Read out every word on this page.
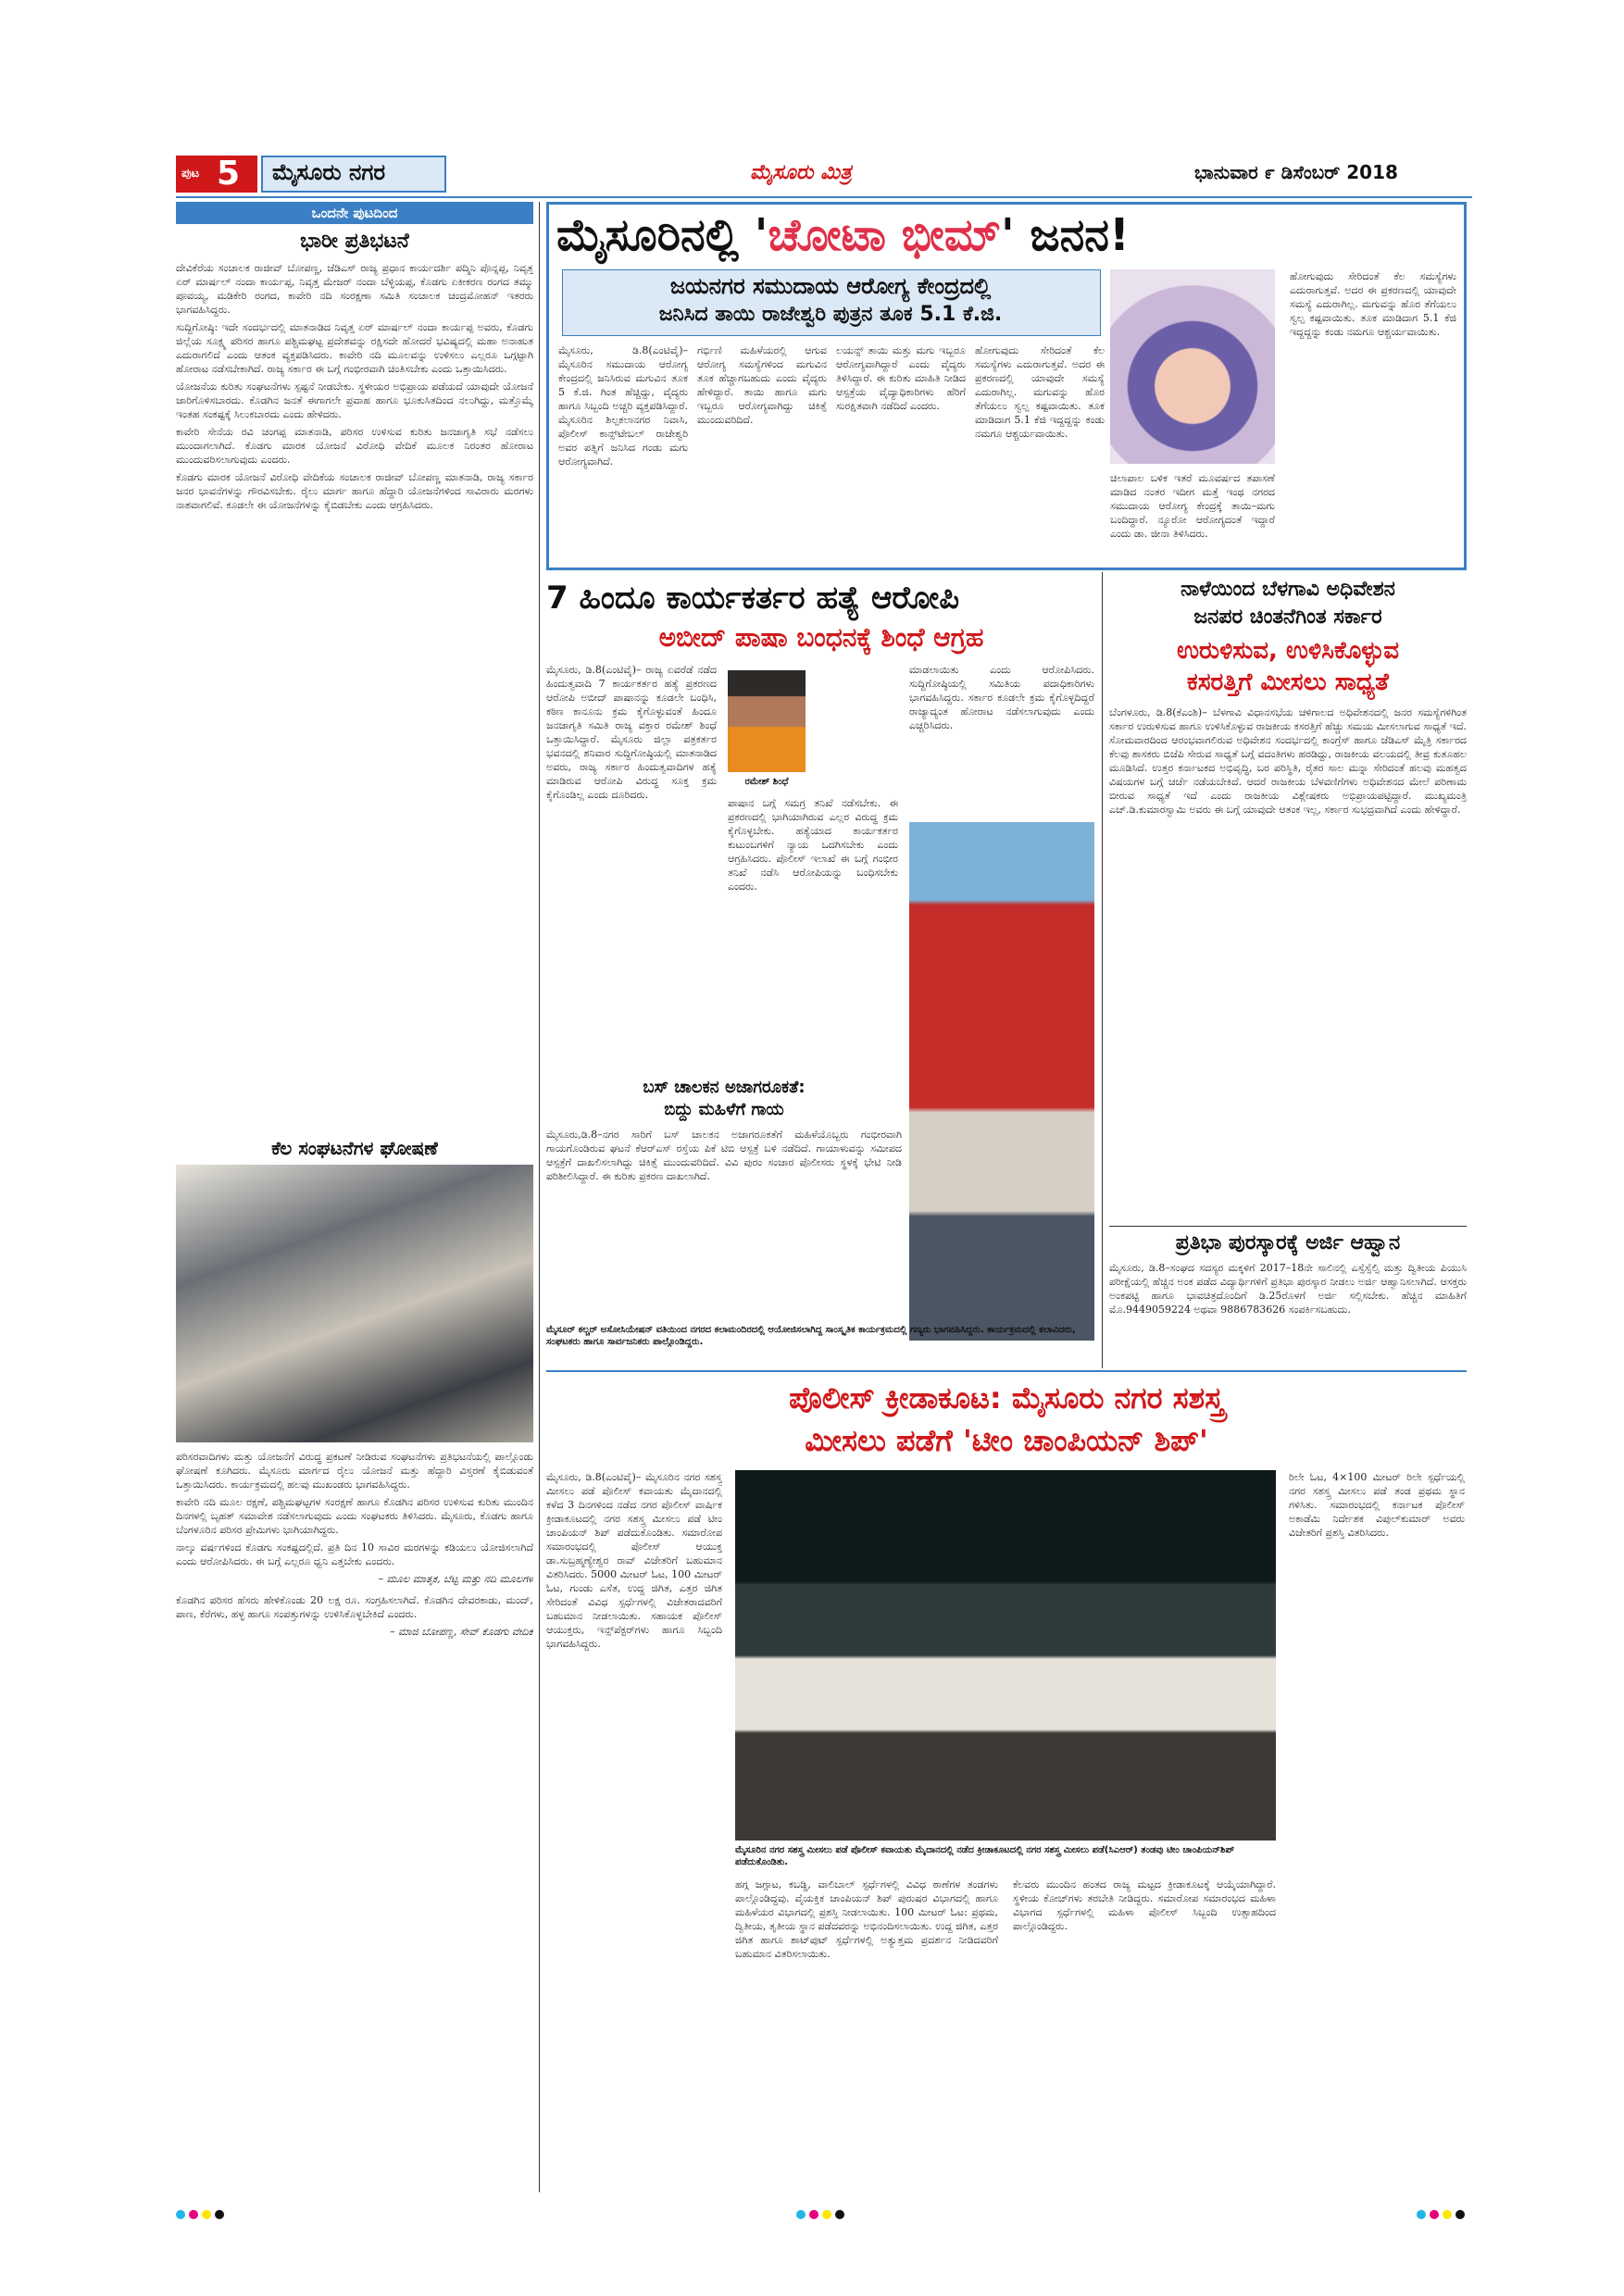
ಪುಟ 5 ಮೈಸೂರು ನಗರ	ಮೈಸೂರು ಮಿತ್ರ	ಭಾನುವಾರ ೯ ಡಿಸೆಂಬರ್ 2018
ಒಂದನೇ ಪುಟದಿಂದ
ಭಾರೀ ಪ್ರತಿಭಟನೆ

ದೇವಿಕೆರೆಯ ಸಂಚಾಲಕ ರಾಜೀವ್ ಬೋಪಣ್ಣ, ಜೆಡಿಎಸ್ ರಾಜ್ಯ ಪ್ರಧಾನ ಕಾರ್ಯದರ್ಶಿ ಪದ್ಮಿನಿ ಪೊನ್ನಪ್ಪ, ನಿವೃತ್ತ ಏರ್ ಮಾರ್ಷಲ್ ನಂದಾ ಕಾರ್ಯಪ್ಪ, ನಿವೃತ್ತ ಮೇಜರ್ ನಂದಾ ಬೆಳ್ಳಿಯಪ್ಪ, ಕೊಡಗು ಏಕೀಕರಣ ರಂಗದ ತಮ್ಮು ಪೂವಯ್ಯ, ಮಡಿಕೇರಿ ರಂಗದ, ಕಾವೇರಿ ನದಿ ಸಂರಕ್ಷಣಾ ಸಮಿತಿ ಸಂಚಾಲಕ ಚಂದ್ರಮೋಹನ್ ಇತರರು ಭಾಗವಹಿಸಿದ್ದರು.

ಸುದ್ದಿಗೋಷ್ಠಿ: ಇದೇ ಸಂದರ್ಭದಲ್ಲಿ ಮಾತನಾಡಿದ ನಿವೃತ್ತ ಏರ್ ಮಾರ್ಷಲ್ ನಂದಾ ಕಾರ್ಯಪ್ಪ ಅವರು, ಕೊಡಗು ಜಿಲ್ಲೆಯ ಸೂಕ್ಷ್ಮ ಪರಿಸರ ಹಾಗೂ ಪಶ್ಚಿಮಘಟ್ಟ ಪ್ರದೇಶವನ್ನು ರಕ್ಷಿಸದೇ ಹೋದರೆ ಭವಿಷ್ಯದಲ್ಲಿ ಮಹಾ ಅನಾಹುತ ಎದುರಾಗಲಿದೆ ಎಂದು ಆತಂಕ ವ್ಯಕ್ತಪಡಿಸಿದರು. ಕಾವೇರಿ ನದಿ ಮೂಲವನ್ನು ಉಳಿಸಲು ಎಲ್ಲರೂ ಒಗ್ಗಟ್ಟಾಗಿ ಹೋರಾಟ ನಡೆಸಬೇಕಾಗಿದೆ. ರಾಜ್ಯ ಸರ್ಕಾರ ಈ ಬಗ್ಗೆ ಗಂಭೀರವಾಗಿ ಚಿಂತಿಸಬೇಕು ಎಂದು ಒತ್ತಾಯಿಸಿದರು.

ಯೋಜನೆಯ ಕುರಿತು ಸಂಘಟನೆಗಳು ಸ್ಪಷ್ಟನೆ ನೀಡಬೇಕು. ಸ್ಥಳೀಯರ ಅಭಿಪ್ರಾಯ ಪಡೆಯದೆ ಯಾವುದೇ ಯೋಜನೆ ಜಾರಿಗೊಳಿಸಬಾರದು. ಕೊಡಗಿನ ಜನತೆ ಈಗಾಗಲೇ ಪ್ರವಾಹ ಹಾಗೂ ಭೂಕುಸಿತದಿಂದ ನಲುಗಿದ್ದು, ಮತ್ತೊಮ್ಮೆ ಇಂತಹ ಸಂಕಷ್ಟಕ್ಕೆ ಸಿಲುಕಬಾರದು ಎಂದು ಹೇಳಿದರು.

ಕಾವೇರಿ ಸೇನೆಯ ರವಿ ಚಂಗಪ್ಪ ಮಾತನಾಡಿ, ಪರಿಸರ ಉಳಿಸುವ ಕುರಿತು ಜನಜಾಗೃತಿ ಸಭೆ ನಡೆಸಲು ಮುಂದಾಗಲಾಗಿದೆ. ಕೊಡಗು ಮಾರಕ ಯೋಜನೆ ವಿರೋಧಿ ವೇದಿಕೆ ಮೂಲಕ ನಿರಂತರ ಹೋರಾಟ ಮುಂದುವರಿಸಲಾಗುವುದು ಎಂದರು.

ಕೊಡಗು ಮಾರಕ ಯೋಜನೆ ವಿರೋಧಿ ವೇದಿಕೆಯ ಸಂಚಾಲಕ ರಾಜೀವ್ ಬೋಪಣ್ಣ ಮಾತನಾಡಿ, ರಾಜ್ಯ ಸರ್ಕಾರ ಜನರ ಭಾವನೆಗಳನ್ನು ಗೌರವಿಸಬೇಕು. ರೈಲು ಮಾರ್ಗ ಹಾಗೂ ಹೆದ್ದಾರಿ ಯೋಜನೆಗಳಿಂದ ಸಾವಿರಾರು ಮರಗಳು ನಾಶವಾಗಲಿವೆ. ಕೂಡಲೇ ಈ ಯೋಜನೆಗಳನ್ನು ಕೈಬಿಡಬೇಕು ಎಂದು ಆಗ್ರಹಿಸಿದರು.

ಕೆಲ ಸಂಘಟನೆಗಳ ಘೋಷಣೆ

ಪರಿಸರವಾದಿಗಳು ಮತ್ತು ಯೋಜನೆಗೆ ವಿರುದ್ಧ ಪ್ರಕಟಣೆ ನೀಡಿರುವ ಸಂಘಟನೆಗಳು ಪ್ರತಿಭಟನೆಯಲ್ಲಿ ಪಾಲ್ಗೊಂಡು ಘೋಷಣೆ ಕೂಗಿದರು. ಮೈಸೂರು ಮಾರ್ಗದ ರೈಲು ಯೋಜನೆ ಮತ್ತು ಹೆದ್ದಾರಿ ವಿಸ್ತರಣೆ ಕೈಬಿಡುವಂತೆ ಒತ್ತಾಯಿಸಿದರು. ಕಾರ್ಯಕ್ರಮದಲ್ಲಿ ಹಲವು ಮುಖಂಡರು ಭಾಗವಹಿಸಿದ್ದರು.

ಕಾವೇರಿ ನದಿ ಮೂಲ ರಕ್ಷಣೆ, ಪಶ್ಚಿಮಘಟ್ಟಗಳ ಸಂರಕ್ಷಣೆ ಹಾಗೂ ಕೊಡಗಿನ ಪರಿಸರ ಉಳಿಸುವ ಕುರಿತು ಮುಂದಿನ ದಿನಗಳಲ್ಲಿ ಬೃಹತ್ ಸಮಾವೇಶ ನಡೆಸಲಾಗುವುದು ಎಂದು ಸಂಘಟಕರು ತಿಳಿಸಿದರು. ಮೈಸೂರು, ಕೊಡಗು ಹಾಗೂ ಬೆಂಗಳೂರಿನ ಪರಿಸರ ಪ್ರೇಮಿಗಳು ಭಾಗಿಯಾಗಿದ್ದರು.

ನಾಲ್ಕು ವರ್ಷಗಳಿಂದ ಕೊಡಗು ಸಂಕಷ್ಟದಲ್ಲಿದೆ. ಪ್ರತಿ ದಿನ 10 ಸಾವಿರ ಮರಗಳನ್ನು ಕಡಿಯಲು ಯೋಜಿಸಲಾಗಿದೆ ಎಂದು ಆರೋಪಿಸಿದರು. ಈ ಬಗ್ಗೆ ಎಲ್ಲರೂ ಧ್ವನಿ ಎತ್ತಬೇಕು ಎಂದರು.

– ಮೂಲ ಮಾತೃಕ, ಬೆಟ್ಟ ಮತ್ತು ನದಿ ಮೂಲಗಳ

ಕೊಡಗಿನ ಪರಿಸರ ಹೆಸರು ಹೇಳಿಕೊಂಡು 20 ಲಕ್ಷ ರೂ. ಸಂಗ್ರಹಿಸಲಾಗಿದೆ. ಕೊಡಗಿನ ದೇವರಕಾಡು, ಮಂದ್, ಪಾಣ, ಕೆರೆಗಳು, ಹಳ್ಳ ಹಾಗೂ ಸಂಪತ್ತುಗಳನ್ನು ಉಳಿಸಿಕೊಳ್ಳಬೇಕಿದೆ ಎಂದರು.

– ಮಾಜಿ ಬೋಪಣ್ಣ, ಸೇವ್ ಕೊಡಗು ವೇದಿಕೆ

ಮೈಸೂರಿನಲ್ಲಿ 'ಚೋಟಾ ಭೀಮ್' ಜನನ!
ಜಯನಗರ ಸಮುದಾಯ ಆರೋಗ್ಯ ಕೇಂದ್ರದಲ್ಲಿ
ಜನಿಸಿದ ತಾಯಿ ರಾಜೇಶ್ವರಿ ಪುತ್ರನ ತೂಕ 5.1 ಕೆ.ಜಿ.
ಮೈಸೂರು, ಡಿ.8(ಎಂಟಿವೈ)– ಮೈಸೂರಿನ ಸಮುದಾಯ ಆರೋಗ್ಯ ಕೇಂದ್ರದಲ್ಲಿ ಜನಿಸಿರುವ ಮಗುವಿನ ತೂಕ 5 ಕೆ.ಜಿ. ಗಿಂತ ಹೆಚ್ಚಿದ್ದು, ವೈದ್ಯರು ಹಾಗೂ ಸಿಬ್ಬಂದಿ ಅಚ್ಚರಿ ವ್ಯಕ್ತಪಡಿಸಿದ್ದಾರೆ. ಮೈಸೂರಿನ ಶಿಲ್ಪಕಲಾನಗರ ನಿವಾಸಿ, ಪೊಲೀಸ್ ಕಾನ್ಸ್‌ಟೇಬಲ್ ರಾಜೇಶ್ವರಿ ಅವರ ಪತ್ನಿಗೆ ಜನಿಸಿದ ಗಂಡು ಮಗು ಆರೋಗ್ಯವಾಗಿದೆ.
ಗರ್ಭಿಣಿ ಮಹಿಳೆಯರಲ್ಲಿ ಆಗುವ ಆರೋಗ್ಯ ಸಮಸ್ಯೆಗಳಿಂದ ಮಗುವಿನ ತೂಕ ಹೆಚ್ಚಾಗಬಹುದು ಎಂದು ವೈದ್ಯರು ಹೇಳಿದ್ದಾರೆ. ತಾಯಿ ಹಾಗೂ ಮಗು ಇಬ್ಬರೂ ಆರೋಗ್ಯವಾಗಿದ್ದು ಚಿಕಿತ್ಸೆ ಮುಂದುವರಿದಿದೆ.
ಲಯನ್ಸ್ ತಾಯಿ ಮತ್ತು ಮಗು ಇಬ್ಬರೂ ಆರೋಗ್ಯವಾಗಿದ್ದಾರೆ ಎಂದು ವೈದ್ಯರು ತಿಳಿಸಿದ್ದಾರೆ. ಈ ಕುರಿತು ಮಾಹಿತಿ ನೀಡಿದ ಆಸ್ಪತ್ರೆಯ ವೈದ್ಯಾಧಿಕಾರಿಗಳು ಹೆರಿಗೆ ಸುರಕ್ಷಿತವಾಗಿ ನಡೆದಿದೆ ಎಂದರು.
ಹೋಗುವುದು ಸೇರಿದಂತೆ ಕೆಲ ಸಮಸ್ಯೆಗಳು ಎದುರಾಗುತ್ತವೆ. ಅದರ ಈ ಪ್ರಕರಣದಲ್ಲಿ ಯಾವುದೇ ಸಮಸ್ಯೆ ಎದುರಾಗಿಲ್ಲ. ಮಗುವನ್ನು ಹೊರ ತೆಗೆಯಲು ಸ್ವಲ್ಪ ಕಷ್ಟವಾಯಿತು. ತೂಕ ಮಾಡಿದಾಗ 5.1 ಕೆಜಿ ಇದ್ದದ್ದನ್ನು ಕಂಡು ನಮಗೂ ಆಶ್ಚರ್ಯವಾಯಿತು.
ಚಿಲಾಪಾಲ ಬಳಿಕ ಇತರೆ ಮೂವರ್ಷದ ತಪಾಸಣೆ ಮಾಡಿದ ನಂತರ ಇದೀಗ ಮತ್ತೆ ಇಂಥ ನಗರದ ಸಮುದಾಯ ಆರೋಗ್ಯ ಕೇಂದ್ರಕ್ಕೆ ತಾಯಿ–ಮಗು ಬಂದಿದ್ದಾರೆ. ನ್ಯೂರೋ ಆರೋಗ್ಯದಂತೆ ಇದ್ದಾರೆ ಎಂದು ಡಾ. ಜೀನಾ ತಿಳಿಸಿದರು.
ಹೋಗುವುದು ಸೇರಿದಂತೆ ಕೆಲ ಸಮಸ್ಯೆಗಳು ಎದುರಾಗುತ್ತವೆ. ಅದರ ಈ ಪ್ರಕರಣದಲ್ಲಿ ಯಾವುದೇ ಸಮಸ್ಯೆ ಎದುರಾಗಿಲ್ಲ. ಮಗುವನ್ನು ಹೊರ ತೆಗೆಯಲು ಸ್ವಲ್ಪ ಕಷ್ಟವಾಯಿತು. ತೂಕ ಮಾಡಿದಾಗ 5.1 ಕೆಜಿ ಇದ್ದದ್ದನ್ನು ಕಂಡು ನಮಗೂ ಆಶ್ಚರ್ಯವಾಯಿತು.
7 ಹಿಂದೂ ಕಾರ್ಯಕರ್ತರ ಹತ್ಯೆ ಆರೋಪಿ
ಅಬೀದ್ ಪಾಷಾ ಬಂಧನಕ್ಕೆ ಶಿಂಧೆ ಆಗ್ರಹ
ಮೈಸೂರು, ಡಿ.8(ಎಂಟಿವೈ)– ರಾಜ್ಯ ಏವರೆಡೆ ನಡೆದ ಹಿಂದುತ್ವವಾದಿ 7 ಕಾರ್ಯಕರ್ತರ ಹತ್ಯೆ ಪ್ರಕರಣದ ಆರೋಪಿ ಅಬೀದ್ ಪಾಷಾನನ್ನು ಕೂಡಲೇ ಬಂಧಿಸಿ, ಕಠಿಣ ಕಾನೂನು ಕ್ರಮ ಕೈಗೊಳ್ಳುವಂತೆ ಹಿಂದೂ ಜನಜಾಗೃತಿ ಸಮಿತಿ ರಾಜ್ಯ ವಕ್ತಾರ ರಮೇಶ್ ಶಿಂಧೆ ಒತ್ತಾಯಿಸಿದ್ದಾರೆ. ಮೈಸೂರು ಜಿಲ್ಲಾ ಪತ್ರಕರ್ತರ ಭವನದಲ್ಲಿ ಶನಿವಾರ ಸುದ್ದಿಗೋಷ್ಠಿಯಲ್ಲಿ ಮಾತನಾಡಿದ ಅವರು, ರಾಜ್ಯ ಸರ್ಕಾರ ಹಿಂದುತ್ವವಾದಿಗಳ ಹತ್ಯೆ ಮಾಡಿರುವ ಆರೋಪಿ ವಿರುದ್ಧ ಸೂಕ್ತ ಕ್ರಮ ಕೈಗೊಂಡಿಲ್ಲ ಎಂದು ದೂರಿದರು.
ರಮೇಶ್ ಶಿಂಧೆ
ಪಾಷಾನ ಬಗ್ಗೆ ಸಮಗ್ರ ತನಿಖೆ ನಡೆಸಬೇಕು. ಈ ಪ್ರಕರಣದಲ್ಲಿ ಭಾಗಿಯಾಗಿರುವ ಎಲ್ಲರ ವಿರುದ್ಧ ಕ್ರಮ ಕೈಗೊಳ್ಳಬೇಕು. ಹತ್ಯೆಯಾದ ಕಾರ್ಯಕರ್ತರ ಕುಟುಂಬಗಳಿಗೆ ನ್ಯಾಯ ಒದಗಿಸಬೇಕು ಎಂದು ಆಗ್ರಹಿಸಿದರು. ಪೊಲೀಸ್ ಇಲಾಖೆ ಈ ಬಗ್ಗೆ ಗಂಭೀರ ತನಿಖೆ ನಡೆಸಿ ಆರೋಪಿಯನ್ನು ಬಂಧಿಸಬೇಕು ಎಂದರು.
ಮಾಡಲಾಯಿತು ಎಂದು ಆರೋಪಿಸಿದರು. ಸುದ್ದಿಗೋಷ್ಠಿಯಲ್ಲಿ ಸಮಿತಿಯ ಪದಾಧಿಕಾರಿಗಳು ಭಾಗವಹಿಸಿದ್ದರು. ಸರ್ಕಾರ ಕೂಡಲೇ ಕ್ರಮ ಕೈಗೊಳ್ಳದಿದ್ದರೆ ರಾಜ್ಯಾದ್ಯಂತ ಹೋರಾಟ ನಡೆಸಲಾಗುವುದು ಎಂದು ಎಚ್ಚರಿಸಿದರು.
ಬಸ್ ಚಾಲಕನ ಅಜಾಗರೂಕತೆ:
ಬಿದ್ದು ಮಹಿಳೆಗೆ ಗಾಯ
ಮೈಸೂರು,ಡಿ.8–ನಗರ ಸಾರಿಗೆ ಬಸ್ ಚಾಲಕನ ಅಜಾಗರೂಕತೆಗೆ ಮಹಿಳೆಯೊಬ್ಬರು ಗಂಭೀರವಾಗಿ ಗಾಯಗೊಂಡಿರುವ ಘಟನೆ ಕೆಆರ್‌ಎಸ್ ರಸ್ತೆಯ ಪಿಕೆ ಟಿಬಿ ಆಸ್ಪತ್ರೆ ಬಳಿ ನಡೆದಿದೆ. ಗಾಯಾಳುವನ್ನು ಸಮೀಪದ ಆಸ್ಪತ್ರೆಗೆ ದಾಖಲಿಸಲಾಗಿದ್ದು ಚಿಕಿತ್ಸೆ ಮುಂದುವರಿದಿದೆ. ವಿವಿ ಪುರಂ ಸಂಚಾರ ಪೊಲೀಸರು ಸ್ಥಳಕ್ಕೆ ಭೇಟಿ ನೀಡಿ ಪರಿಶೀಲಿಸಿದ್ದಾರೆ. ಈ ಕುರಿತು ಪ್ರಕರಣ ದಾಖಲಾಗಿದೆ.
ಮೈಸೂರ್ ಕಲ್ಚರ್ ಅಸೋಸಿಯೇಷನ್ ವತಿಯಿಂದ ನಗರದ ಕಲಾಮಂದಿರದಲ್ಲಿ ಆಯೋಜಿಸಲಾಗಿದ್ದ ಸಾಂಸ್ಕೃತಿಕ ಕಾರ್ಯಕ್ರಮದಲ್ಲಿ ಗಣ್ಯರು ಭಾಗವಹಿಸಿದ್ದರು. ಕಾರ್ಯಕ್ರಮದಲ್ಲಿ ಕಲಾವಿದರು, ಸಂಘಟಕರು ಹಾಗೂ ಸಾರ್ವಜನಿಕರು ಪಾಲ್ಗೊಂಡಿದ್ದರು.
ನಾಳೆಯಿಂದ ಬೆಳಗಾವಿ ಅಧಿವೇಶನ
ಜನಪರ ಚಿಂತನೆಗಿಂತ ಸರ್ಕಾರ
ಉರುಳಿಸುವ, ಉಳಿಸಿಕೊಳ್ಳುವ
ಕಸರತ್ತಿಗೆ ಮೀಸಲು ಸಾಧ್ಯತೆ
ಬೆಂಗಳೂರು, ಡಿ.8(ಕೆಎಂಶಿ)– ಬೆಳಗಾವಿ ವಿಧಾನಸಭೆಯ ಚಳಿಗಾಲದ ಅಧಿವೇಶನದಲ್ಲಿ ಜನರ ಸಮಸ್ಯೆಗಳಿಗಿಂತ ಸರ್ಕಾರ ಉರುಳಿಸುವ ಹಾಗೂ ಉಳಿಸಿಕೊಳ್ಳುವ ರಾಜಕೀಯ ಕಸರತ್ತಿಗೆ ಹೆಚ್ಚು ಸಮಯ ಮೀಸಲಾಗುವ ಸಾಧ್ಯತೆ ಇದೆ. ಸೋಮವಾರದಿಂದ ಆರಂಭವಾಗಲಿರುವ ಅಧಿವೇಶನ ಸಂದರ್ಭದಲ್ಲಿ ಕಾಂಗ್ರೆಸ್ ಹಾಗೂ ಜೆಡಿಎಸ್ ಮೈತ್ರಿ ಸರ್ಕಾರದ ಕೆಲವು ಶಾಸಕರು ಬಿಜೆಪಿ ಸೇರುವ ಸಾಧ್ಯತೆ ಬಗ್ಗೆ ವದಂತಿಗಳು ಹರಡಿದ್ದು, ರಾಜಕೀಯ ವಲಯದಲ್ಲಿ ತೀವ್ರ ಕುತೂಹಲ ಮೂಡಿಸಿದೆ. ಉತ್ತರ ಕರ್ನಾಟಕದ ಅಭಿವೃದ್ಧಿ, ಬರ ಪರಿಸ್ಥಿತಿ, ರೈತರ ಸಾಲ ಮನ್ನಾ ಸೇರಿದಂತೆ ಹಲವು ಮಹತ್ವದ ವಿಷಯಗಳ ಬಗ್ಗೆ ಚರ್ಚೆ ನಡೆಯಬೇಕಿದೆ. ಆದರೆ ರಾಜಕೀಯ ಬೆಳವಣಿಗೆಗಳು ಅಧಿವೇಶನದ ಮೇಲೆ ಪರಿಣಾಮ ಬೀರುವ ಸಾಧ್ಯತೆ ಇದೆ ಎಂದು ರಾಜಕೀಯ ವಿಶ್ಲೇಷಕರು ಅಭಿಪ್ರಾಯಪಟ್ಟಿದ್ದಾರೆ. ಮುಖ್ಯಮಂತ್ರಿ ಎಚ್.ಡಿ.ಕುಮಾರಸ್ವಾಮಿ ಅವರು ಈ ಬಗ್ಗೆ ಯಾವುದೇ ಆತಂಕ ಇಲ್ಲ, ಸರ್ಕಾರ ಸುಭದ್ರವಾಗಿದೆ ಎಂದು ಹೇಳಿದ್ದಾರೆ.
ಪ್ರತಿಭಾ ಪುರಸ್ಕಾರಕ್ಕೆ ಅರ್ಜಿ ಆಹ್ವಾನ
ಮೈಸೂರು, ಡಿ.8–ಸಂಘದ ಸದಸ್ಯರ ಮಕ್ಕಳಿಗೆ 2017–18ನೇ ಸಾಲಿನಲ್ಲಿ ಎಸ್ಸೆಸ್ಸೆಲ್ಸಿ ಮತ್ತು ದ್ವಿತೀಯ ಪಿಯುಸಿ ಪರೀಕ್ಷೆಯಲ್ಲಿ ಹೆಚ್ಚಿನ ಅಂಕ ಪಡೆದ ವಿದ್ಯಾರ್ಥಿಗಳಿಗೆ ಪ್ರತಿಭಾ ಪುರಸ್ಕಾರ ನೀಡಲು ಅರ್ಜಿ ಆಹ್ವಾನಿಸಲಾಗಿದೆ. ಆಸಕ್ತರು ಅಂಕಪಟ್ಟಿ ಹಾಗೂ ಭಾವಚಿತ್ರದೊಂದಿಗೆ ಡಿ.25ರೊಳಗೆ ಅರ್ಜಿ ಸಲ್ಲಿಸಬೇಕು. ಹೆಚ್ಚಿನ ಮಾಹಿತಿಗೆ ಮೊ.9449059224 ಅಥವಾ 9886783626 ಸಂಪರ್ಕಿಸಬಹುದು.
ಪೊಲೀಸ್ ಕ್ರೀಡಾಕೂಟ: ಮೈಸೂರು ನಗರ ಸಶಸ್ತ್ರ
ಮೀಸಲು ಪಡೆಗೆ 'ಟೀಂ ಚಾಂಪಿಯನ್ ಶಿಪ್'
ಮೈಸೂರು, ಡಿ.8(ಎಂಟಿವೈ)– ಮೈಸೂರಿನ ನಗರ ಸಶಸ್ತ್ರ ಮೀಸಲು ಪಡೆ ಪೊಲೀಸ್ ಕವಾಯತು ಮೈದಾನದಲ್ಲಿ ಕಳೆದ 3 ದಿನಗಳಿಂದ ನಡೆದ ನಗರ ಪೊಲೀಸ್ ವಾರ್ಷಿಕ ಕ್ರೀಡಾಕೂಟದಲ್ಲಿ ನಗರ ಸಶಸ್ತ್ರ ಮೀಸಲು ಪಡೆ ಟೀಂ ಚಾಂಪಿಯನ್ ಶಿಪ್ ಪಡೆದುಕೊಂಡಿತು. ಸಮಾರೋಪ ಸಮಾರಂಭದಲ್ಲಿ ಪೊಲೀಸ್ ಆಯುಕ್ತ ಡಾ.ಸುಬ್ರಹ್ಮಣ್ಯೇಶ್ವರ ರಾವ್ ವಿಜೇತರಿಗೆ ಬಹುಮಾನ ವಿತರಿಸಿದರು. 5000 ಮೀಟರ್ ಓಟ, 100 ಮೀಟರ್ ಓಟ, ಗುಂಡು ಎಸೆತ, ಉದ್ದ ಜಿಗಿತ, ಎತ್ತರ ಜಿಗಿತ ಸೇರಿದಂತೆ ವಿವಿಧ ಸ್ಪರ್ಧೆಗಳಲ್ಲಿ ವಿಜೇತರಾದವರಿಗೆ ಬಹುಮಾನ ನೀಡಲಾಯಿತು. ಸಹಾಯಕ ಪೊಲೀಸ್ ಆಯುಕ್ತರು, ಇನ್ಸ್‌ಪೆಕ್ಟರ್‌ಗಳು ಹಾಗೂ ಸಿಬ್ಬಂದಿ ಭಾಗವಹಿಸಿದ್ದರು.
ಮೈಸೂರಿನ ನಗರ ಸಶಸ್ತ್ರ ಮೀಸಲು ಪಡೆ ಪೊಲೀಸ್ ಕವಾಯತು ಮೈದಾನದಲ್ಲಿ ನಡೆದ ಕ್ರೀಡಾಕೂಟದಲ್ಲಿ ನಗರ ಸಶಸ್ತ್ರ ಮೀಸಲು ಪಡೆ(ಸಿಎಆರ್) ತಂಡವು ಟೀಂ ಚಾಂಪಿಯನ್‌ಶಿಪ್ ಪಡೆದುಕೊಂಡಿತು.
ಹಗ್ಗ ಜಗ್ಗಾಟ, ಕಬಡ್ಡಿ, ವಾಲಿಬಾಲ್ ಸ್ಪರ್ಧೆಗಳಲ್ಲಿ ವಿವಿಧ ಠಾಣೆಗಳ ತಂಡಗಳು ಪಾಲ್ಗೊಂಡಿದ್ದವು. ವೈಯಕ್ತಿಕ ಚಾಂಪಿಯನ್ ಶಿಪ್ ಪುರುಷರ ವಿಭಾಗದಲ್ಲಿ ಹಾಗೂ ಮಹಿಳೆಯರ ವಿಭಾಗದಲ್ಲಿ ಪ್ರಶಸ್ತಿ ನೀಡಲಾಯಿತು. 100 ಮೀಟರ್ ಓಟ: ಪ್ರಥಮ, ದ್ವಿತೀಯ, ತೃತೀಯ ಸ್ಥಾನ ಪಡೆದವರನ್ನು ಅಭಿನಂದಿಸಲಾಯಿತು. ಉದ್ದ ಜಿಗಿತ, ಎತ್ತರ ಜಿಗಿತ ಹಾಗೂ ಶಾಟ್‌ಪುಟ್ ಸ್ಪರ್ಧೆಗಳಲ್ಲಿ ಅತ್ಯುತ್ತಮ ಪ್ರದರ್ಶನ ನೀಡಿದವರಿಗೆ ಬಹುಮಾನ ವಿತರಿಸಲಾಯಿತು.
ಕೆಲವರು ಮುಂದಿನ ಹಂತದ ರಾಜ್ಯ ಮಟ್ಟದ ಕ್ರೀಡಾಕೂಟಕ್ಕೆ ಆಯ್ಕೆಯಾಗಿದ್ದಾರೆ. ಸ್ಥಳೀಯ ಕೋಚ್‌ಗಳು ತರಬೇತಿ ನೀಡಿದ್ದರು. ಸಮಾರೋಪ ಸಮಾರಂಭದ ಮಹಿಳಾ ವಿಭಾಗದ ಸ್ಪರ್ಧೆಗಳಲ್ಲಿ ಮಹಿಳಾ ಪೊಲೀಸ್ ಸಿಬ್ಬಂದಿ ಉತ್ಸಾಹದಿಂದ ಪಾಲ್ಗೊಂಡಿದ್ದರು.
ರಿಲೇ ಓಟ, 4×100 ಮೀಟರ್ ರಿಲೇ ಸ್ಪರ್ಧೆಯಲ್ಲಿ ನಗರ ಸಶಸ್ತ್ರ ಮೀಸಲು ಪಡೆ ತಂಡ ಪ್ರಥಮ ಸ್ಥಾನ ಗಳಿಸಿತು. ಸಮಾರಂಭದಲ್ಲಿ ಕರ್ನಾಟಕ ಪೊಲೀಸ್ ಅಕಾಡೆಮಿ ನಿರ್ದೇಶಕ ವಿಪುಲ್‌ಕುಮಾರ್ ಅವರು ವಿಜೇತರಿಗೆ ಪ್ರಶಸ್ತಿ ವಿತರಿಸಿದರು.
